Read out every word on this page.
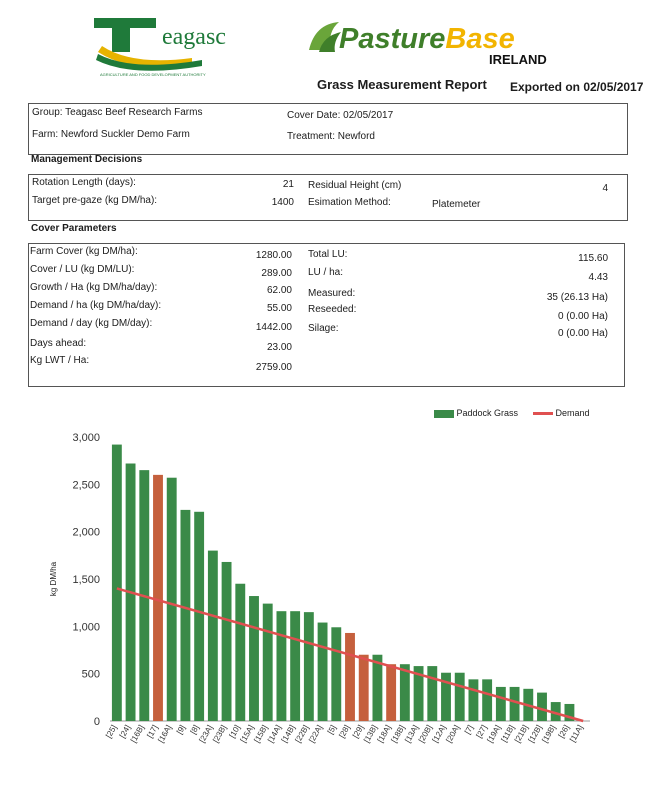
eagasc
AGRICULTURE AND FOOD DEVELOPMENT AUTHORITY
PastureBase
IRELAND
Grass Measurement Report Exported on 02/05/2017
Group: Teagasc Beef Research Farms
Farm: Newford Suckler Demo Farm
Cover Date: 02/05/2017
Treatment: Newford
Management Decisions
Rotation Length (days):	21
Target pre-gaze (kg DM/ha):	1400
Residual Height (cm)	4
Esimation Method:	Platemeter
Cover Parameters
Farm Cover (kg DM/ha):	1280.00
Cover / LU (kg DM/LU):	289.00
Growth / Ha (kg DM/ha/day):	62.00
Demand / ha (kg DM/ha/day):	55.00
Demand / day (kg DM/day):	1442.00
Days ahead:	23.00
Kg LWT / Ha:
2759.00
Total LU:	115.60
LU / ha:	4.43
Measured:	35 (26.13 Ha)
Reseeded:
0 (0.00 Ha)
Silage:	0 (0.00 Ha)
Paddock Grass	Demand
kg DM/ha
0
500
1,000
1,500
2,000
2,500
3,000
[25] [24]
[16B] [17]
[16A] [9] [8]
[23A]
[23B] [10]
[15A]
[15B]
[14A]
[14B]
[22B]
[22A] [5] [28] [29]
[13B]
[18A]
[18B]
[13A]
[20B]
[12A]
[20A] [7] [27]
[19A]
[11B]
[21B]
[12B]
[19B] [26]
[11A]
